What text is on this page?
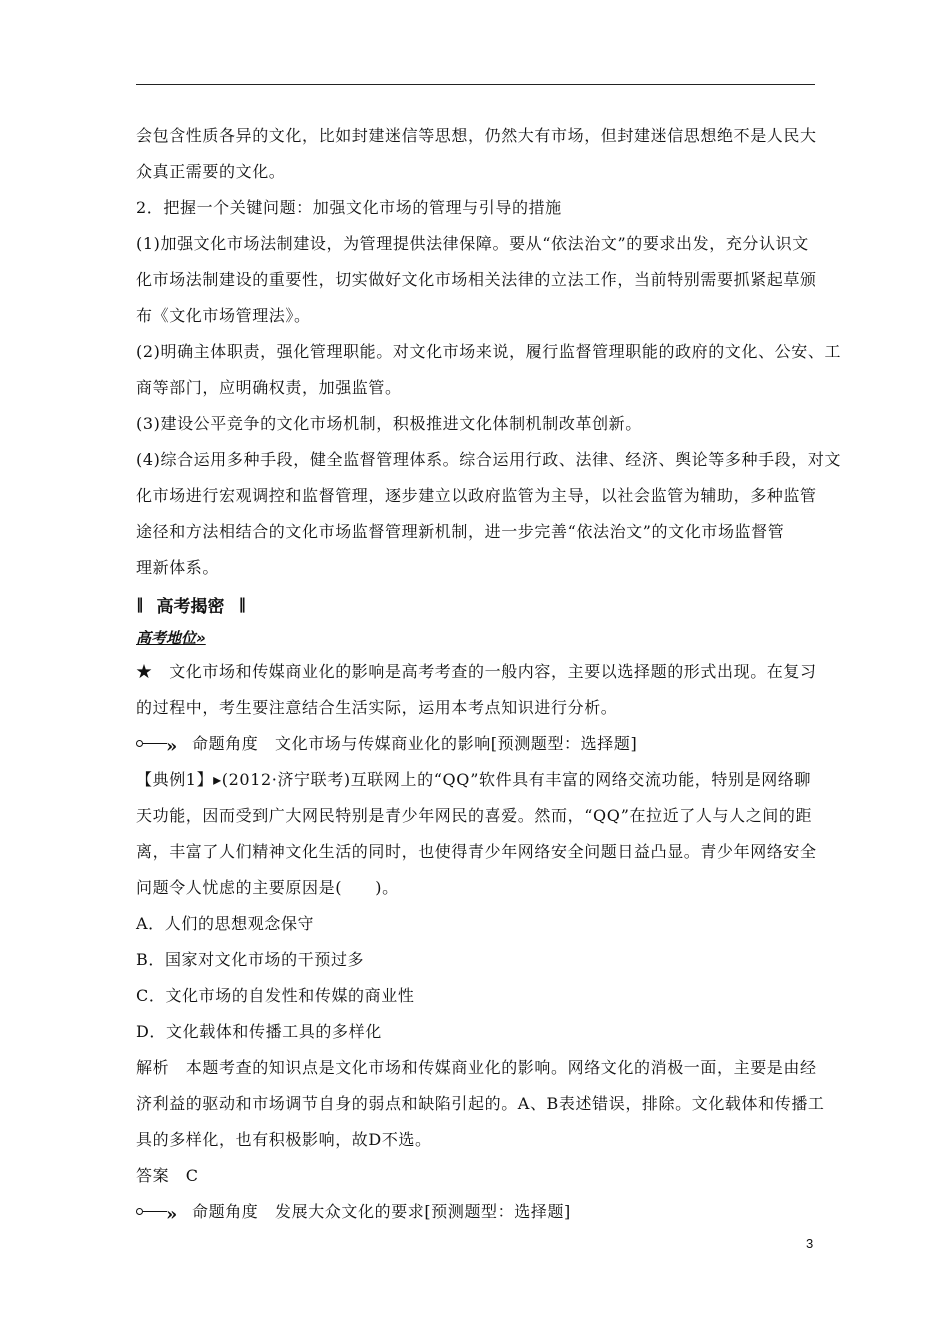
会包含性质各异的文化，比如封建迷信等思想，仍然大有市场，但封建迷信思想绝不是人民大
众真正需要的文化。
2．把握一个关键问题：加强文化市场的管理与引导的措施
(1)加强文化市场法制建设，为管理提供法律保障。要从“依法治文”的要求出发，充分认识文
化市场法制建设的重要性，切实做好文化市场相关法律的立法工作，当前特别需要抓紧起草颁
布《文化市场管理法》。
(2)明确主体职责，强化管理职能。对文化市场来说，履行监督管理职能的政府的文化、公安、工
商等部门，应明确权责，加强监管。
(3)建设公平竞争的文化市场机制，积极推进文化体制机制改革创新。
(4)综合运用多种手段，健全监督管理体系。综合运用行政、法律、经济、舆论等多种手段，对文
化市场进行宏观调控和监督管理，逐步建立以政府监管为主导，以社会监管为辅助，多种监管
途径和方法相结合的文化市场监督管理新机制，进一步完善“依法治文”的文化市场监督管
理新体系。
‖ 高考揭密 ‖
高考地位»
★　文化市场和传媒商业化的影响是高考考查的一般内容，主要以选择题的形式出现。在复习
的过程中，考生要注意结合生活实际，运用本考点知识进行分析。
»
命题角度　文化市场与传媒商业化的影响[预测题型：选择题]
【典例1】▸(2012·济宁联考)互联网上的“QQ”软件具有丰富的网络交流功能，特别是网络聊
天功能，因而受到广大网民特别是青少年网民的喜爱。然而，“QQ”在拉近了人与人之间的距
离，丰富了人们精神文化生活的同时，也使得青少年网络安全问题日益凸显。青少年网络安全
问题令人忧虑的主要原因是(　　)。
A．人们的思想观念保守
B．国家对文化市场的干预过多
C．文化市场的自发性和传媒的商业性
D．文化载体和传播工具的多样化
解析　本题考查的知识点是文化市场和传媒商业化的影响。网络文化的消极一面，主要是由经
济利益的驱动和市场调节自身的弱点和缺陷引起的。A、B表述错误，排除。文化载体和传播工
具的多样化，也有积极影响，故D不选。
答案　C
»
命题角度　发展大众文化的要求[预测题型：选择题]
3
